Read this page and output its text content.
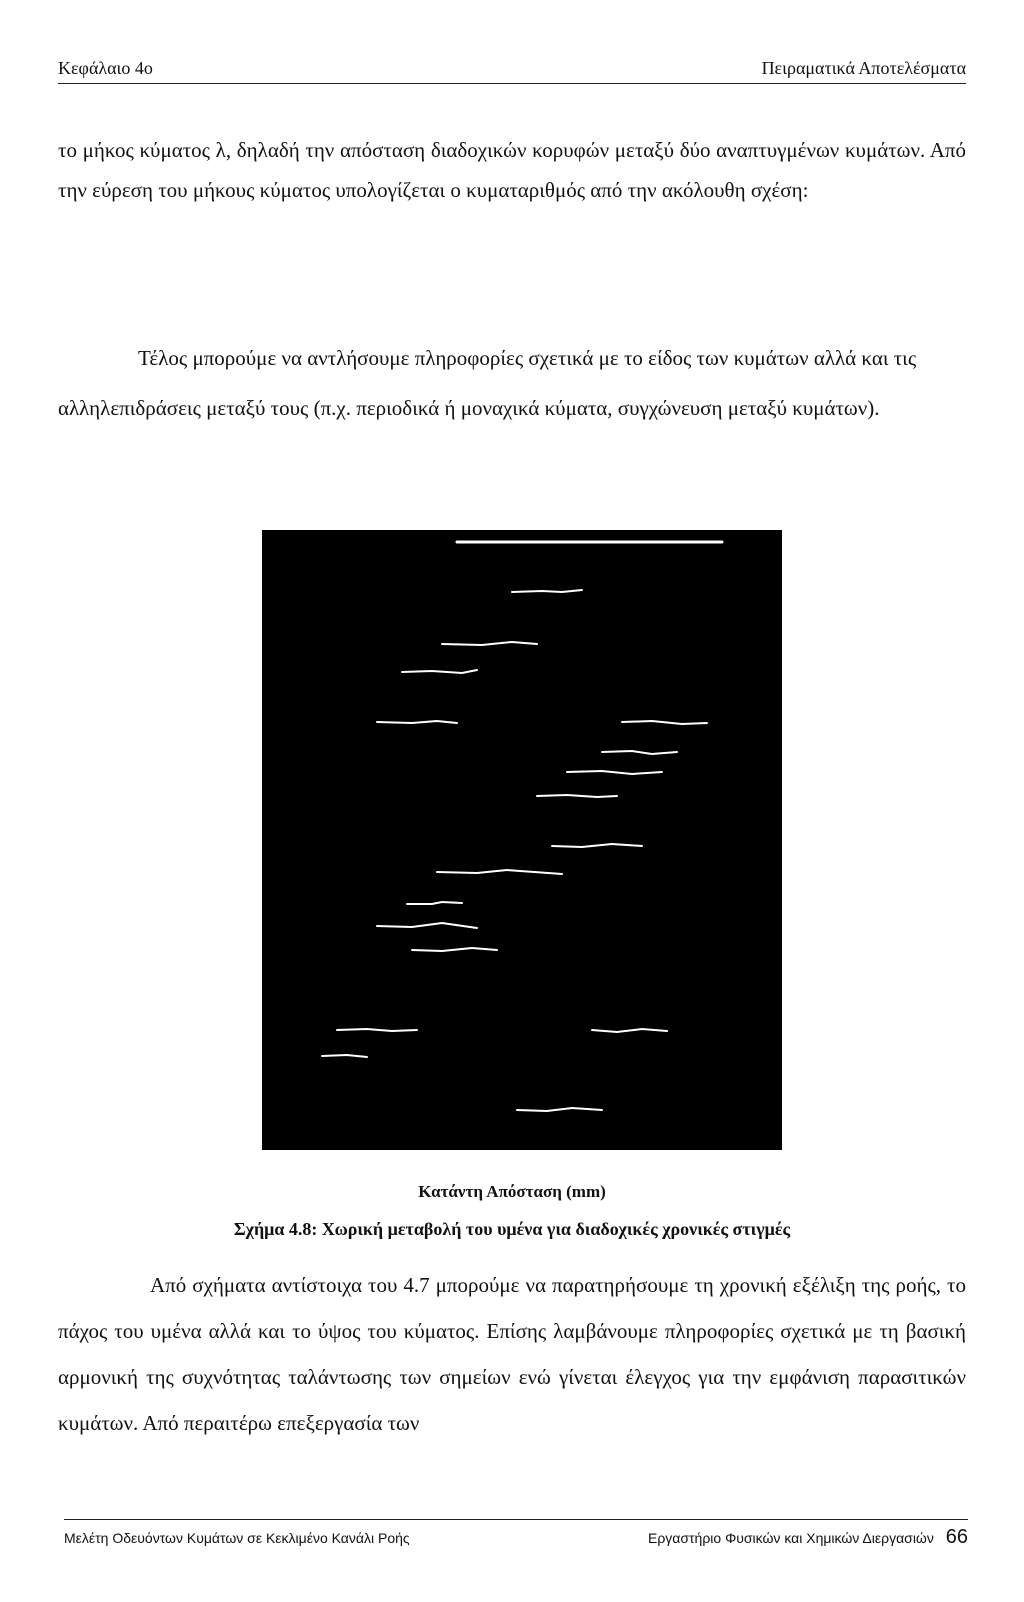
Κεφάλαιο 4ο	Πειραματικά Αποτελέσματα
το μήκος κύματος λ, δηλαδή την απόσταση διαδοχικών κορυφών μεταξύ δύο αναπτυγμένων κυμάτων. Από την εύρεση του μήκους κύματος υπολογίζεται ο κυματαριθμός από την ακόλουθη σχέση:
Τέλος μπορούμε να αντλήσουμε πληροφορίες σχετικά με το είδος των κυμάτων αλλά και τις αλληλεπιδράσεις μεταξύ τους (π.χ. περιοδικά ή μοναχικά κύματα, συγχώνευση μεταξύ κυμάτων).
Κατάντη Απόσταση (mm)
Σχήμα 4.8: Χωρική μεταβολή του υμένα για διαδοχικές χρονικές στιγμές
Από σχήματα αντίστοιχα του 4.7 μπορούμε να παρατηρήσουμε τη χρονική εξέλιξη της ροής, το πάχος του υμένα αλλά και το ύψος του κύματος. Επίσης λαμβάνουμε πληροφορίες σχετικά με τη βασική αρμονική της συχνότητας ταλάντωσης των σημείων ενώ γίνεται έλεγχος για την εμφάνιση παρασιτικών κυμάτων. Από περαιτέρω επεξεργασία των
Μελέτη Οδευόντων Κυμάτων σε Κεκλιμένο Κανάλι Ροής	Εργαστήριο Φυσικών και Χημικών Διεργασιών 66
